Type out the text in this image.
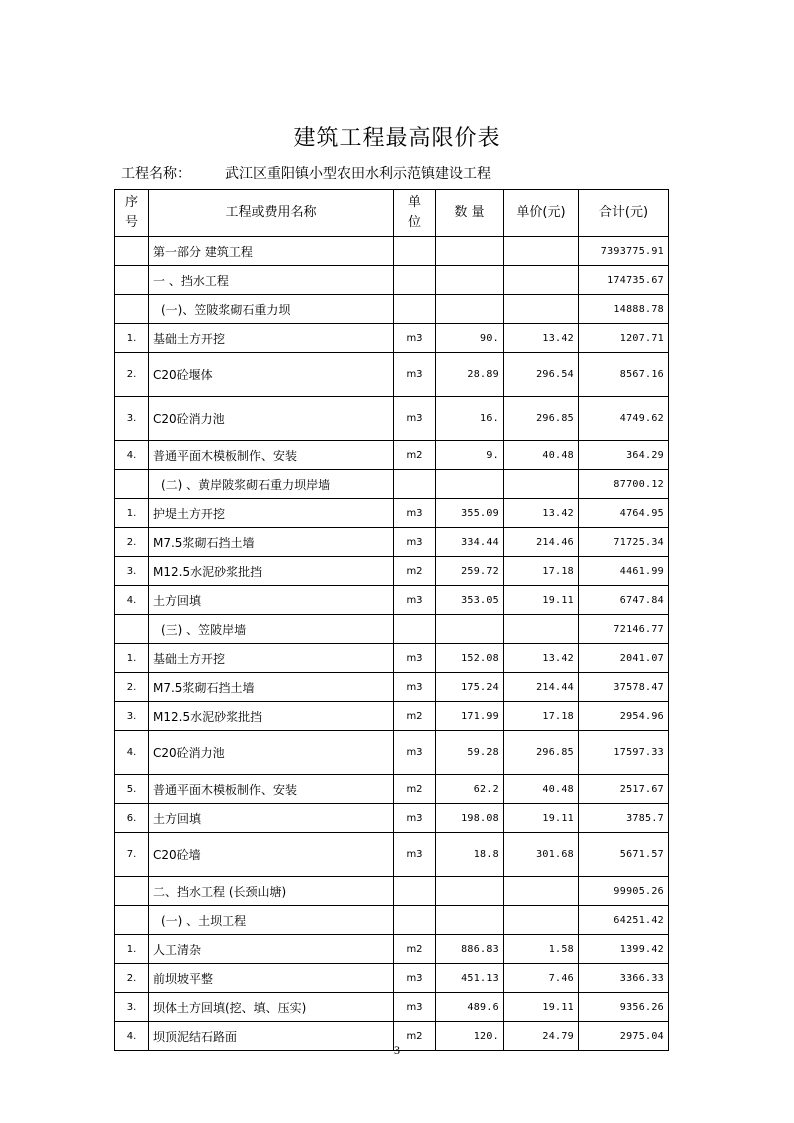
建筑工程最高限价表
工程名称： 武江区重阳镇小型农田水利示范镇建设工程
序号	工程或费用名称	单位	数 量	单价(元)	合计(元)
	第一部分 建筑工程				7393775.91
	一 、挡水工程				174735.67
	(一)、笠陂浆砌石重力坝				14888.78
1.	基础土方开挖	m3	90.	13.42	1207.71
2.	C20砼堰体	m3	28.89	296.54	8567.16
3.	C20砼消力池	m3	16.	296.85	4749.62
4.	普通平面木模板制作、安装	m2	9.	40.48	364.29
	(二) 、黄岸陂浆砌石重力坝岸墙				87700.12
1.	护堤土方开挖	m3	355.09	13.42	4764.95
2.	M7.5浆砌石挡土墙	m3	334.44	214.46	71725.34
3.	M12.5水泥砂浆批挡	m2	259.72	17.18	4461.99
4.	土方回填	m3	353.05	19.11	6747.84
	(三) 、笠陂岸墙				72146.77
1.	基础土方开挖	m3	152.08	13.42	2041.07
2.	M7.5浆砌石挡土墙	m3	175.24	214.44	37578.47
3.	M12.5水泥砂浆批挡	m2	171.99	17.18	2954.96
4.	C20砼消力池	m3	59.28	296.85	17597.33
5.	普通平面木模板制作、安装	m2	62.2	40.48	2517.67
6.	土方回填	m3	198.08	19.11	3785.7
7.	C20砼墙	m3	18.8	301.68	5671.57
	二、挡水工程 (长颈山塘)				99905.26
	(一) 、土坝工程				64251.42
1.	人工清杂	m2	886.83	1.58	1399.42
2.	前坝坡平整	m3	451.13	7.46	3366.33
3.	坝体土方回填(挖、填、压实)	m3	489.6	19.11	9356.26
4.	坝顶泥结石路面	m2	120.	24.79	2975.04
3
